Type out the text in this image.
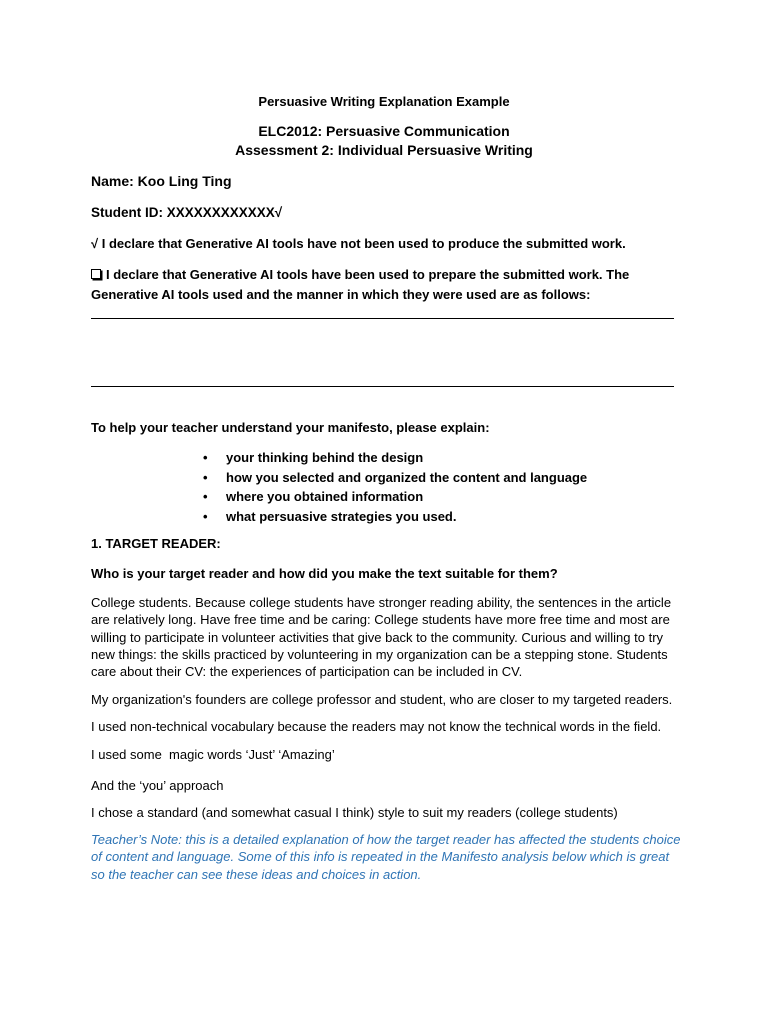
Persuasive Writing Explanation Example
ELC2012: Persuasive Communication
Assessment 2: Individual Persuasive Writing
Name: Koo Ling Ting
Student ID: XXXXXXXXXXXX√
√ I declare that Generative AI tools have not been used to produce the submitted work.
I declare that Generative AI tools have been used to prepare the submitted work. The
Generative AI tools used and the manner in which they were used are as follows:
To help your teacher understand your manifesto, please explain:
• your thinking behind the design
• how you selected and organized the content and language
• where you obtained information
• what persuasive strategies you used.
1. TARGET READER:
Who is your target reader and how did you make the text suitable for them?
College students. Because college students have stronger reading ability, the sentences in the article are relatively long. Have free time and be caring: College students have more free time and most are willing to participate in volunteer activities that give back to the community. Curious and willing to try new things: the skills practiced by volunteering in my organization can be a stepping stone. Students care about their CV: the experiences of participation can be included in CV.
My organization's founders are college professor and student, who are closer to my targeted readers.
I used non-technical vocabulary because the readers may not know the technical words in the field.
I used some  magic words ‘Just’ ‘Amazing’
And the ‘you’ approach
I chose a standard (and somewhat casual I think) style to suit my readers (college students)
Teacher’s Note: this is a detailed explanation of how the target reader has affected the students choice of content and language. Some of this info is repeated in the Manifesto analysis below which is great so the teacher can see these ideas and choices in action.
